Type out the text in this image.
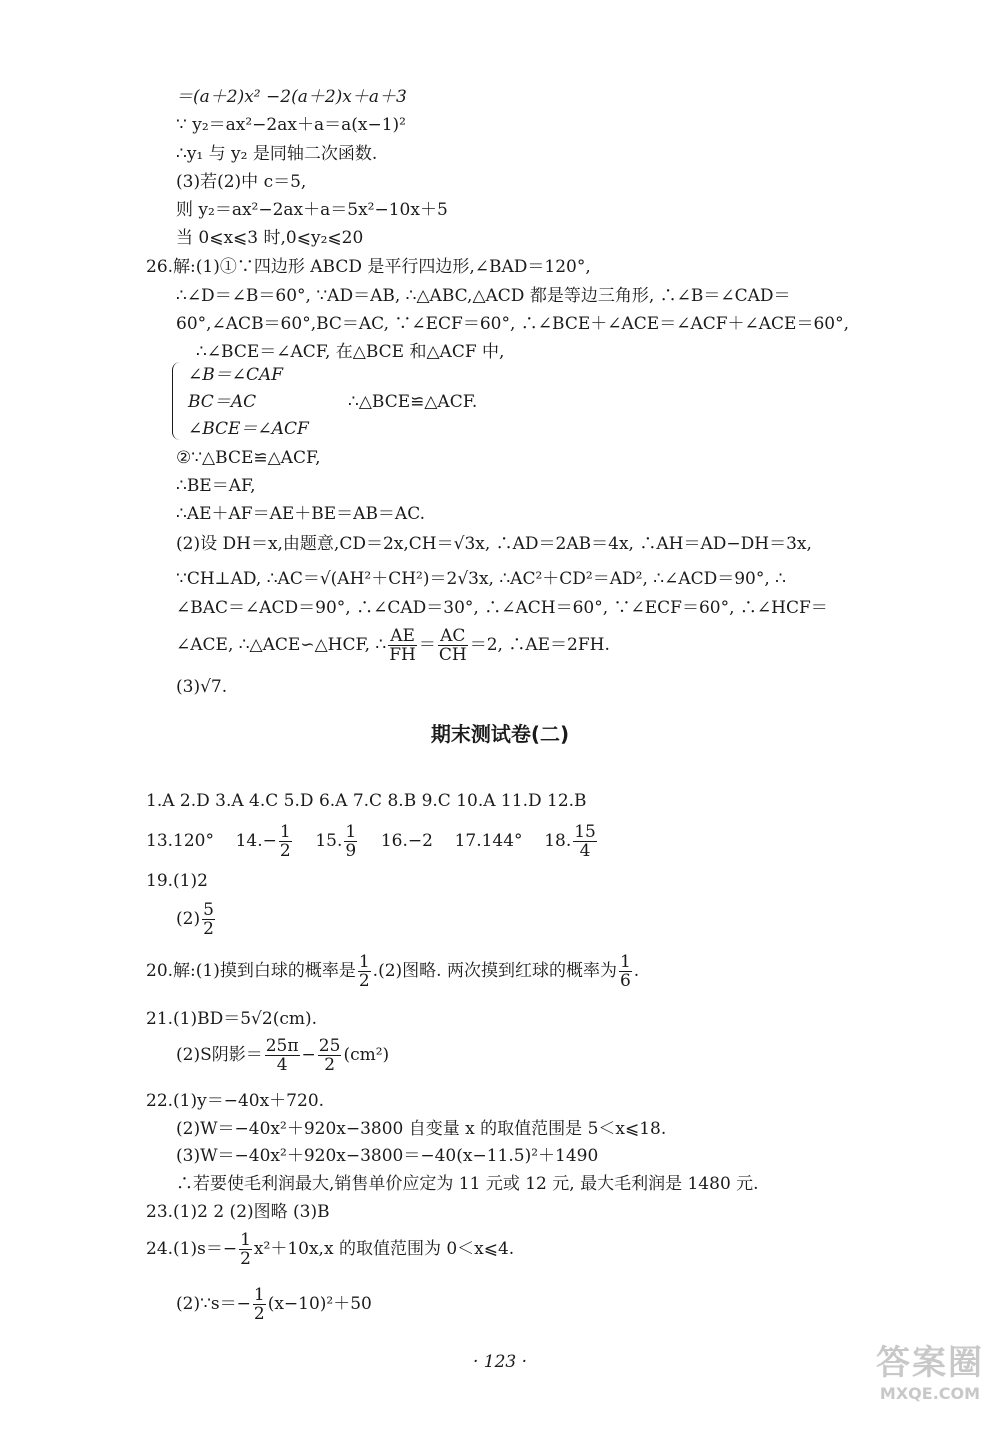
＝(a＋2)x² −2(a＋2)x＋a＋3
∵ y₂＝ax²−2ax＋a＝a(x−1)²
∴y₁ 与 y₂ 是同轴二次函数.
(3)若(2)中 c＝5,
则 y₂＝ax²−2ax＋a＝5x²−10x＋5
当 0⩽x⩽3 时,0⩽y₂⩽20
26.解:(1)①∵四边形 ABCD 是平行四边形,∠BAD＝120°,
∴∠D＝∠B＝60°, ∵AD＝AB, ∴△ABC,△ACD 都是等边三角形, ∴∠B＝∠CAD＝
60°,∠ACB＝60°,BC＝AC, ∵∠ECF＝60°, ∴∠BCE＋∠ACE＝∠ACF＋∠ACE＝60°,
∴∠BCE＝∠ACF, 在△BCE 和△ACF 中,
∠B＝∠CAF
BC＝AC	∴△BCE≌△ACF.
∠BCE＝∠ACF
②∵△BCE≌△ACF,
∴BE＝AF,
∴AE＋AF＝AE＋BE＝AB＝AC.
(2)设 DH＝x,由题意,CD＝2x,CH＝√3x, ∴AD＝2AB＝4x, ∴AH＝AD−DH＝3x,
∵CH⊥AD, ∴AC＝√(AH²＋CH²)＝2√3x, ∴AC²＋CD²＝AD², ∴∠ACD＝90°, ∴
∠BAC＝∠ACD＝90°, ∴∠CAD＝30°, ∴∠ACH＝60°, ∵∠ECF＝60°, ∴∠HCF＝
∠ACE, ∴△ACE∽△HCF, ∴ $\frac{AE}{FH} = \frac{AC}{CH} =2$, ∴AE＝2FH.
(3)√7.
期末测试卷(二)
1.A 2.D 3.A 4.C 5.D 6.A 7.C 8.B 9.C 10.A 11.D 12.B
13.120° $14.- \frac{1}{2} 15$. $\frac{1}{9} 16.-2$ 17.144° 18. $\frac{15}{4}$
19.(1)2
$(2) \frac{5}{2}$
20.解:(1)摸到白球的概率是 $\frac{1}{2} .(2)$图略. 两次摸到红球的概率为 $\frac{1}{6}$ .
21.(1)BD＝5√2(cm).
(2)S阴影＝ $\frac{25\pi}{4} - \frac{25}{2} (cm^2)$
22.(1)y＝−40x＋720.
(2)W＝−40x²＋920x−3800 自变量 x 的取值范围是 5＜x⩽18.
(3)W＝−40x²＋920x−3800＝−40(x−11.5)²＋1490
∴若要使毛利润最大,销售单价应定为 11 元或 12 元, 最大毛利润是 1480 元.
23.(1)2 2 (2)图略 (3)B
$24.(1)s=- \frac{1}{2} x^2+10x,x$ 的取值范围为 0＜x⩽4.
(2)∵s＝− $\frac{1}{2} (x-10)^2+50$
· 123 ·	答案圈
MXQE.COM
